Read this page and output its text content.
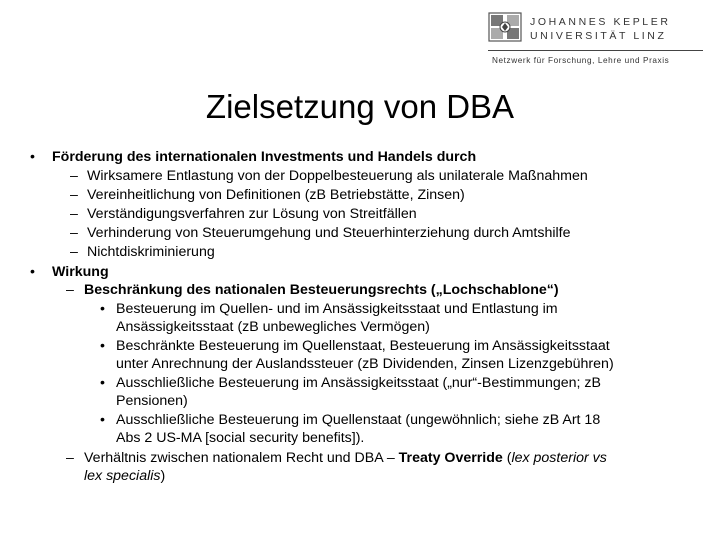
JOHANNES KEPLER
UNIVERSITÄT LINZ
Netzwerk für Forschung, Lehre und Praxis
Zielsetzung von DBA
• Förderung des internationalen Investments und Handels durch
– Wirksamere Entlastung von der Doppelbesteuerung als unilaterale Maßnahmen
– Vereinheitlichung von Definitionen (zB Betriebstätte, Zinsen)
– Verständigungsverfahren zur Lösung von Streitfällen
– Verhinderung von Steuerumgehung und Steuerhinterziehung durch Amtshilfe
– Nichtdiskriminierung
• Wirkung
– Beschränkung des nationalen Besteuerungsrechts („Lochschablone“)
• Besteuerung im Quellen- und im Ansässigkeitsstaat und Entlastung im
Ansässigkeitsstaat (zB unbewegliches Vermögen)
• Beschränkte Besteuerung im Quellenstaat, Besteuerung im Ansässigkeitsstaat
unter Anrechnung der Auslandssteuer (zB Dividenden, Zinsen Lizenzgebühren)
• Ausschließliche Besteuerung im Ansässigkeitsstaat („nur“-Bestimmungen; zB
Pensionen)
• Ausschließliche Besteuerung im Quellenstaat (ungewöhnlich; siehe zB Art 18
Abs 2 US-MA [social security benefits]).
– Verhältnis zwischen nationalem Recht und DBA – Treaty Override (lex posterior vs
lex specialis)
